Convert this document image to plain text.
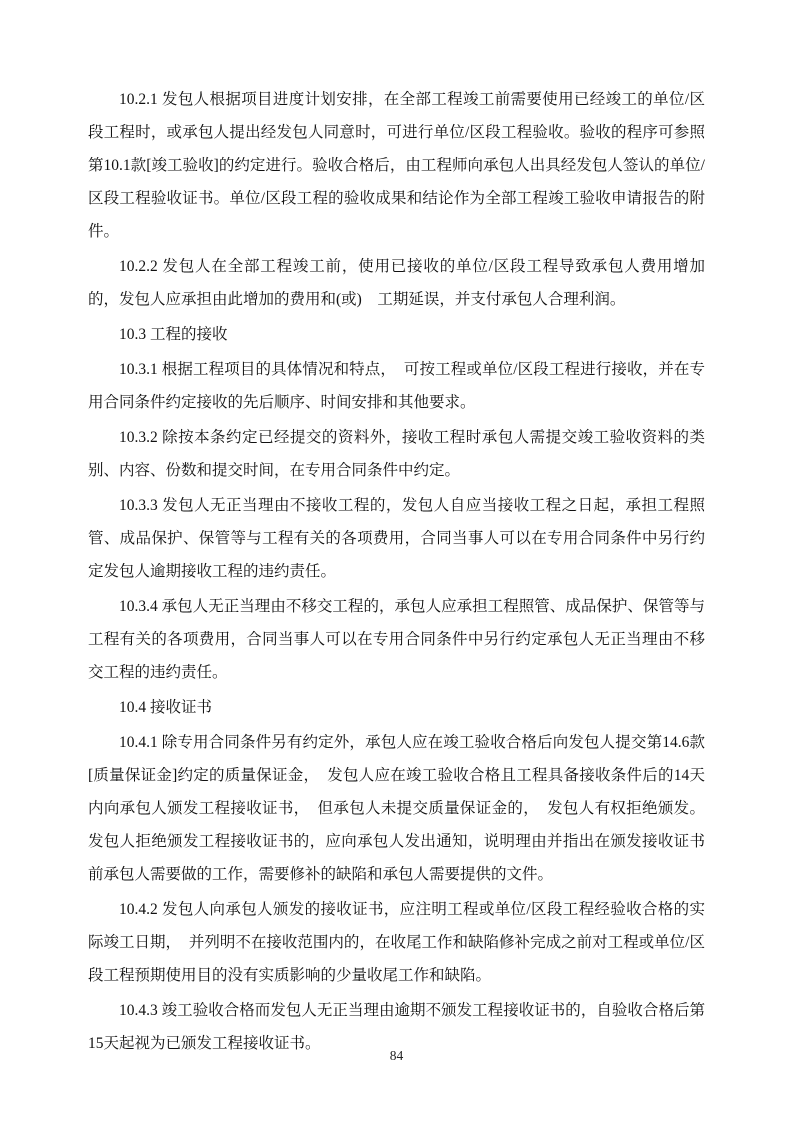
10.2.1 发包人根据项目进度计划安排，在全部工程竣工前需要使用已经竣工的单位/区段工程时，或承包人提出经发包人同意时，可进行单位/区段工程验收。验收的程序可参照第10.1款[竣工验收]的约定进行。验收合格后，由工程师向承包人出具经发包人签认的单位/区段工程验收证书。单位/区段工程的验收成果和结论作为全部工程竣工验收申请报告的附件。

10.2.2 发包人在全部工程竣工前，使用已接收的单位/区段工程导致承包人费用增加的，发包人应承担由此增加的费用和(或)　工期延误，并支付承包人合理利润。

10.3 工程的接收

10.3.1 根据工程项目的具体情况和特点，　可按工程或单位/区段工程进行接收，并在专用合同条件约定接收的先后顺序、时间安排和其他要求。

10.3.2 除按本条约定已经提交的资料外，接收工程时承包人需提交竣工验收资料的类别、内容、份数和提交时间，在专用合同条件中约定。

10.3.3 发包人无正当理由不接收工程的，发包人自应当接收工程之日起，承担工程照管、成品保护、保管等与工程有关的各项费用，合同当事人可以在专用合同条件中另行约定发包人逾期接收工程的违约责任。

10.3.4 承包人无正当理由不移交工程的，承包人应承担工程照管、成品保护、保管等与工程有关的各项费用，合同当事人可以在专用合同条件中另行约定承包人无正当理由不移交工程的违约责任。

10.4 接收证书

10.4.1 除专用合同条件另有约定外，承包人应在竣工验收合格后向发包人提交第14.6款[质量保证金]约定的质量保证金，　发包人应在竣工验收合格且工程具备接收条件后的14天内向承包人颁发工程接收证书，　但承包人未提交质量保证金的，　发包人有权拒绝颁发。发包人拒绝颁发工程接收证书的，应向承包人发出通知，说明理由并指出在颁发接收证书前承包人需要做的工作，需要修补的缺陷和承包人需要提供的文件。

10.4.2 发包人向承包人颁发的接收证书，应注明工程或单位/区段工程经验收合格的实际竣工日期，　并列明不在接收范围内的，在收尾工作和缺陷修补完成之前对工程或单位/区段工程预期使用目的没有实质影响的少量收尾工作和缺陷。

10.4.3 竣工验收合格而发包人无正当理由逾期不颁发工程接收证书的，自验收合格后第15天起视为已颁发工程接收证书。

84
